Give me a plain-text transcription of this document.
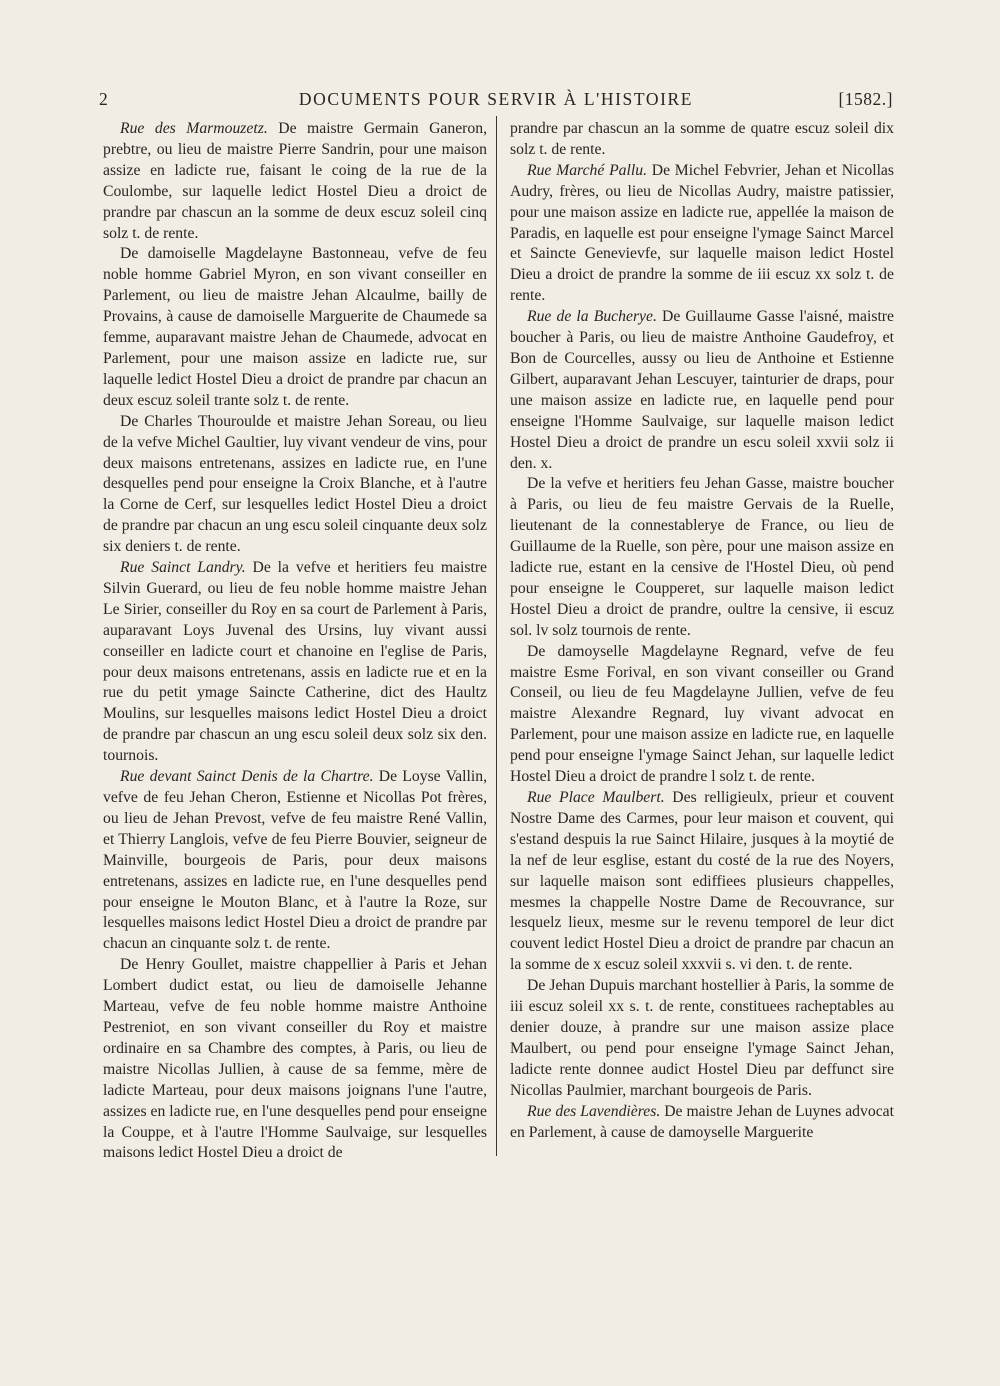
2	DOCUMENTS POUR SERVIR À L'HISTOIRE	[1582.]

Rue des Marmouzetz. De maistre Germain Ganeron, prebtre, ou lieu de maistre Pierre Sandrin, pour une maison assize en ladicte rue, faisant le coing de la rue de la Coulombe, sur laquelle ledict Hostel Dieu a droict de prandre par chascun an la somme de deux escuz soleil cinq solz t. de rente.

De damoiselle Magdelayne Bastonneau, vefve de feu noble homme Gabriel Myron, en son vivant conseiller en Parlement, ou lieu de maistre Jehan Alcaulme, bailly de Provains, à cause de damoiselle Marguerite de Chaumede sa femme, auparavant maistre Jehan de Chaumede, advocat en Parlement, pour une maison assize en ladicte rue, sur laquelle ledict Hostel Dieu a droict de prandre par chacun an deux escuz soleil trante solz t. de rente.

De Charles Thouroulde et maistre Jehan Soreau, ou lieu de la vefve Michel Gaultier, luy vivant vendeur de vins, pour deux maisons entretenans, assizes en ladicte rue, en l'une desquelles pend pour enseigne la Croix Blanche, et à l'autre la Corne de Cerf, sur lesquelles ledict Hostel Dieu a droict de prandre par chacun an ung escu soleil cinquante deux solz six deniers t. de rente.

Rue Sainct Landry. De la vefve et heritiers feu maistre Silvin Guerard, ou lieu de feu noble homme maistre Jehan Le Sirier, conseiller du Roy en sa court de Parlement à Paris, auparavant Loys Juvenal des Ursins, luy vivant aussi conseiller en ladicte court et chanoine en l'eglise de Paris, pour deux maisons entretenans, assis en ladicte rue et en la rue du petit ymage Saincte Catherine, dict des Haultz Moulins, sur lesquelles maisons ledict Hostel Dieu a droict de prandre par chascun an ung escu soleil deux solz six den. tournois.

Rue devant Sainct Denis de la Chartre. De Loyse Vallin, vefve de feu Jehan Cheron, Estienne et Nicollas Pot frères, ou lieu de Jehan Prevost, vefve de feu maistre René Vallin, et Thierry Langlois, vefve de feu Pierre Bouvier, seigneur de Mainville, bourgeois de Paris, pour deux maisons entretenans, assizes en ladicte rue, en l'une desquelles pend pour enseigne le Mouton Blanc, et à l'autre la Roze, sur lesquelles maisons ledict Hostel Dieu a droict de prandre par chacun an cinquante solz t. de rente.

De Henry Goullet, maistre chappellier à Paris et Jehan Lombert dudict estat, ou lieu de damoiselle Jehanne Marteau, vefve de feu noble homme maistre Anthoine Pestreniot, en son vivant conseiller du Roy et maistre ordinaire en sa Chambre des comptes, à Paris, ou lieu de maistre Nicollas Jullien, à cause de sa femme, mère de ladicte Marteau, pour deux maisons joignans l'une l'autre, assizes en ladicte rue, en l'une desquelles pend pour enseigne la Couppe, et à l'autre l'Homme Saulvaige, sur lesquelles maisons ledict Hostel Dieu a droict de

prandre par chascun an la somme de quatre escuz soleil dix solz t. de rente.

Rue Marché Pallu. De Michel Febvrier, Jehan et Nicollas Audry, frères, ou lieu de Nicollas Audry, maistre patissier, pour une maison assize en ladicte rue, appellée la maison de Paradis, en laquelle est pour enseigne l'ymage Sainct Marcel et Saincte Genevievfe, sur laquelle maison ledict Hostel Dieu a droict de prandre la somme de iii escuz xx solz t. de rente.

Rue de la Bucherye. De Guillaume Gasse l'aisné, maistre boucher à Paris, ou lieu de maistre Anthoine Gaudefroy, et Bon de Courcelles, aussy ou lieu de Anthoine et Estienne Gilbert, auparavant Jehan Lescuyer, tainturier de draps, pour une maison assize en ladicte rue, en laquelle pend pour enseigne l'Homme Saulvaige, sur laquelle maison ledict Hostel Dieu a droict de prandre un escu soleil xxvii solz ii den. x.

De la vefve et heritiers feu Jehan Gasse, maistre boucher à Paris, ou lieu de feu maistre Gervais de la Ruelle, lieutenant de la connestablerye de France, ou lieu de Guillaume de la Ruelle, son père, pour une maison assize en ladicte rue, estant en la censive de l'Hostel Dieu, où pend pour enseigne le Coupperet, sur laquelle maison ledict Hostel Dieu a droict de prandre, oultre la censive, ii escuz sol. lv solz tournois de rente.

De damoyselle Magdelayne Regnard, vefve de feu maistre Esme Forival, en son vivant conseiller ou Grand Conseil, ou lieu de feu Magdelayne Jullien, vefve de feu maistre Alexandre Regnard, luy vivant advocat en Parlement, pour une maison assize en ladicte rue, en laquelle pend pour enseigne l'ymage Sainct Jehan, sur laquelle ledict Hostel Dieu a droict de prandre l solz t. de rente.

Rue Place Maulbert. Des relligieulx, prieur et couvent Nostre Dame des Carmes, pour leur maison et couvent, qui s'estand despuis la rue Sainct Hilaire, jusques à la moytié de la nef de leur esglise, estant du costé de la rue des Noyers, sur laquelle maison sont ediffiees plusieurs chappelles, mesmes la chappelle Nostre Dame de Recouvrance, sur lesquelz lieux, mesme sur le revenu temporel de leur dict couvent ledict Hostel Dieu a droict de prandre par chacun an la somme de x escuz soleil xxxvii s. vi den. t. de rente.

De Jehan Dupuis marchant hostellier à Paris, la somme de iii escuz soleil xx s. t. de rente, constituees racheptables au denier douze, à prandre sur une maison assize place Maulbert, ou pend pour enseigne l'ymage Sainct Jehan, ladicte rente donnee audict Hostel Dieu par deffunct sire Nicollas Paulmier, marchant bourgeois de Paris.

Rue des Lavendières. De maistre Jehan de Luynes advocat en Parlement, à cause de damoyselle Marguerite
